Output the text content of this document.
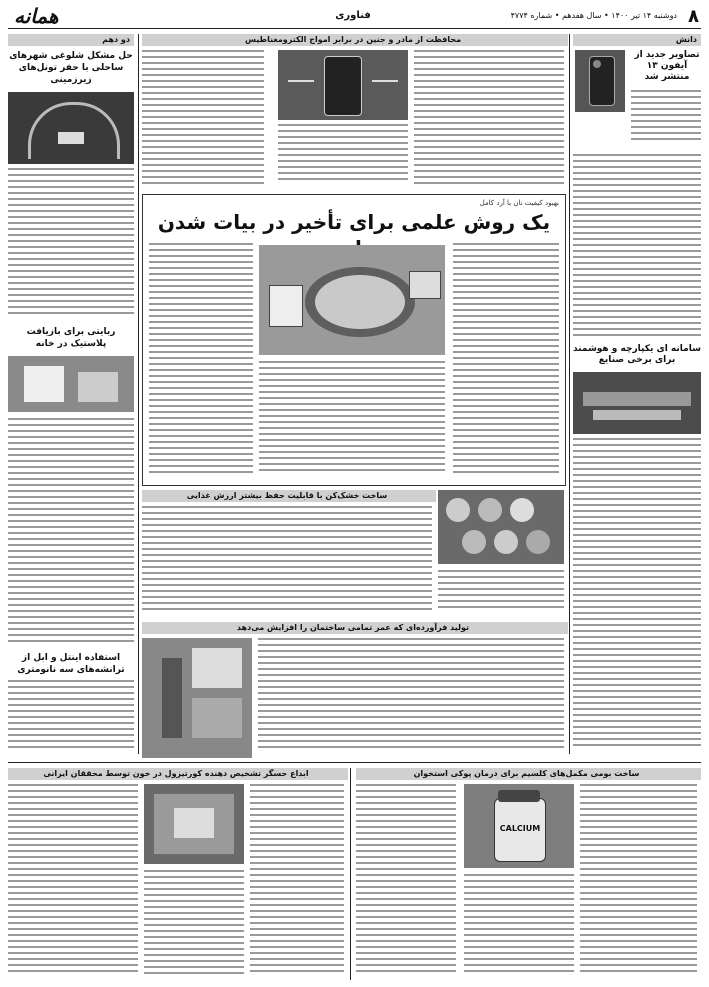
۸
دوشنبه ۱۴ تیر ۱۴۰۰ • سال هفدهم • شماره ۴۷۷۴
فناوری
همانه
دانش
تصاویر جدید از آیفون ۱۳ منتشر شد
سامانه ای یکپارچه و هوشمند برای برخی صنایع
دو دهم
حل مشکل شلوغی شهرهای ساحلی با حفر تونل‌های زیرزمینی
ربایتی برای بازیافت پلاستیک در خانه
استفاده اینتل و ابل از ترانشه‌های سه نانومتری
محافظت از مادر و جنین در برابر امواج الکترومغناطیس
بهبود کیفیت نان با آرد کامل
یک روش علمی برای تأخیر در بیات شدن
ساخت خشک‌کن با قابلیت حفظ بیشتر ارزش غذایی
تولید فرآورده‌ای که عمر تمامی ساختمان را افزایش می‌دهد
ابداع حسگر تشخیص دهنده کورتیزول در خون توسط محققان ایرانی	ساخت بومی مکمل‌های کلسیم برای درمان پوکی استخوان
CALCIUM
